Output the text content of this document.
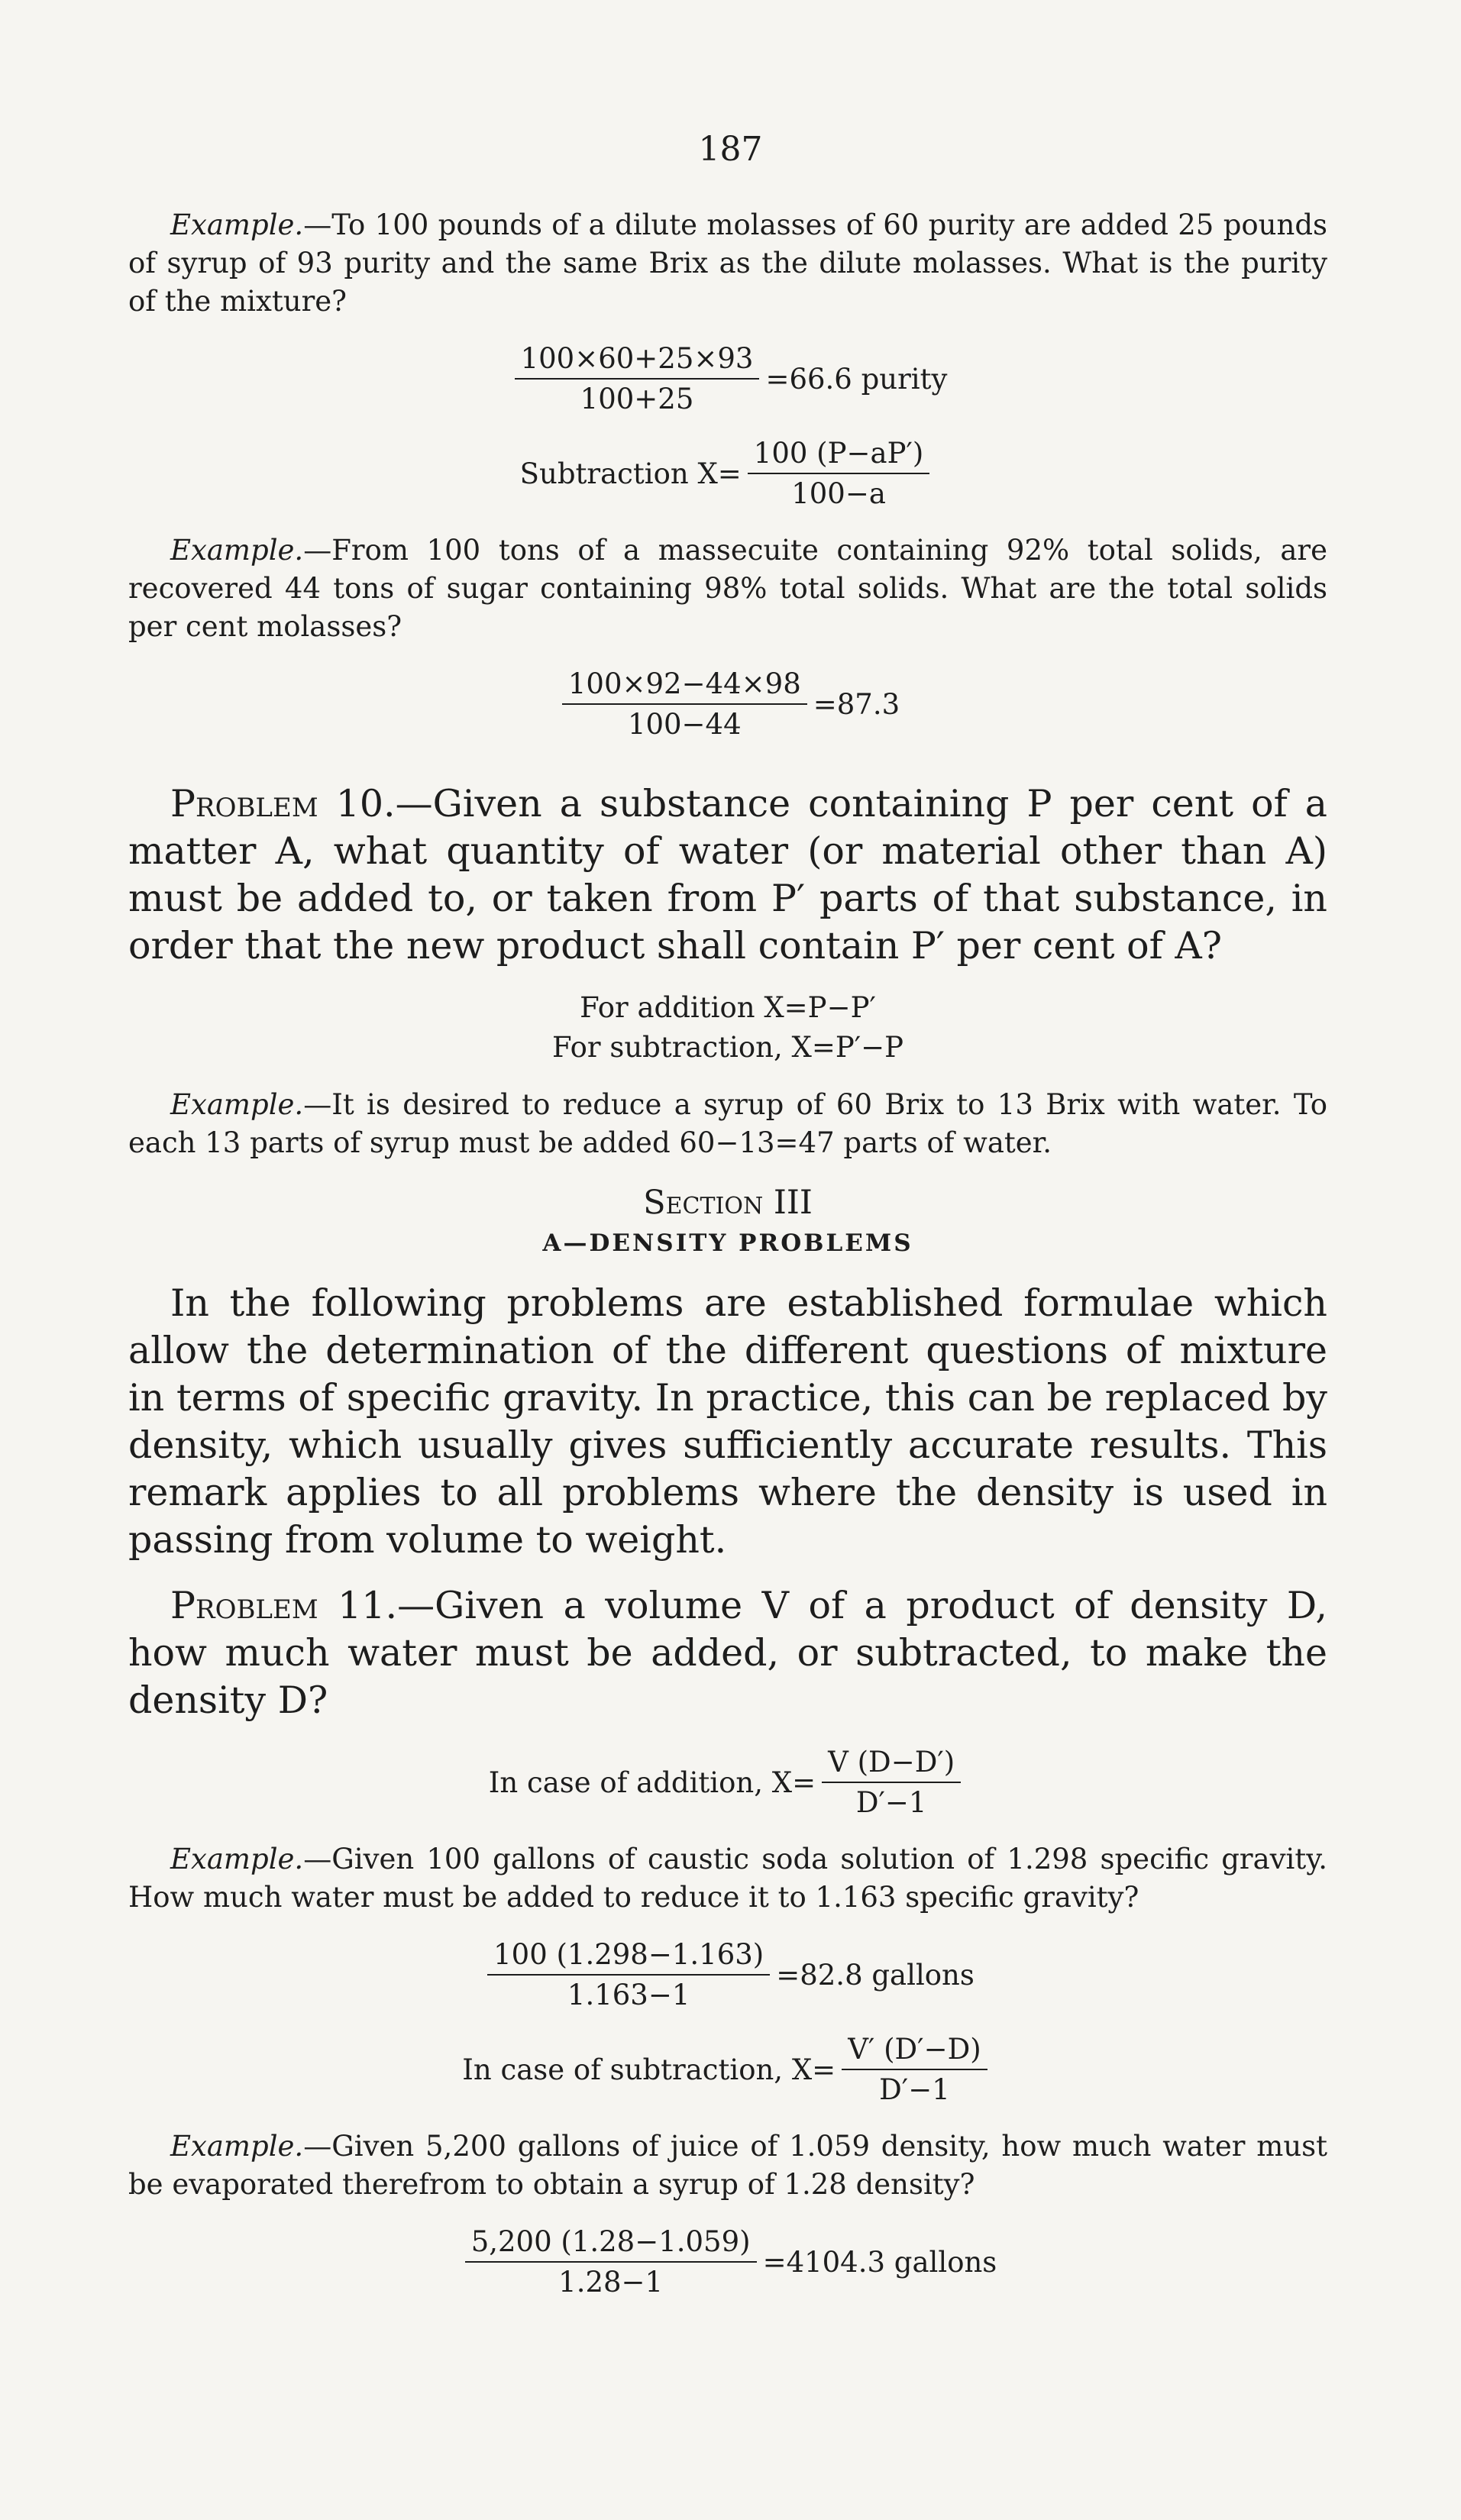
187

Example.—To 100 pounds of a dilute molasses of 60 purity are added 25 pounds of syrup of 93 purity and the same Brix as the dilute molasses. What is the purity of the mixture?

$\frac{100\times 60+25\times 93}{100+25} =66.6$ purity
Subtraction $X= \frac{100 (P-aP')}{100-a}$

Example.—From 100 tons of a massecuite containing 92% total solids, are recovered 44 tons of sugar containing 98% total solids. What are the total solids per cent molasses?

$\frac{100\times 92-44\times 98}{100-44} =87.3$

Problem 10.—Given a substance containing P per cent of a matter A, what quantity of water (or material other than A) must be added to, or taken from P′ parts of that substance, in order that the new product shall contain P′ per cent of A?

For addition X=P−P′
For subtraction, X=P′−P

Example.—It is desired to reduce a syrup of 60 Brix to 13 Brix with water. To each 13 parts of syrup must be added 60−13=47 parts of water.

Section III
A—DENSITY PROBLEMS

In the following problems are established formulae which allow the determination of the different questions of mixture in terms of specific gravity. In practice, this can be replaced by density, which usually gives sufficiently accurate results. This remark applies to all problems where the density is used in passing from volume to weight.

Problem 11.—Given a volume V of a product of density D, how much water must be added, or subtracted, to make the density D?

In case of addition, $X= \frac{V (D-D')}{D'-1}$

Example.—Given 100 gallons of caustic soda solution of 1.298 specific gravity. How much water must be added to reduce it to 1.163 specific gravity?

$\frac{100 (1.298-1.163)}{1.163-1} =82.8$ gallons
In case of subtraction, $X= \frac{V' (D'-D)}{D'-1}$

Example.—Given 5,200 gallons of juice of 1.059 density, how much water must be evaporated therefrom to obtain a syrup of 1.28 density?

$\frac{5,200 (1.28-1.059)}{1.28-1} =4104.3$ gallons
